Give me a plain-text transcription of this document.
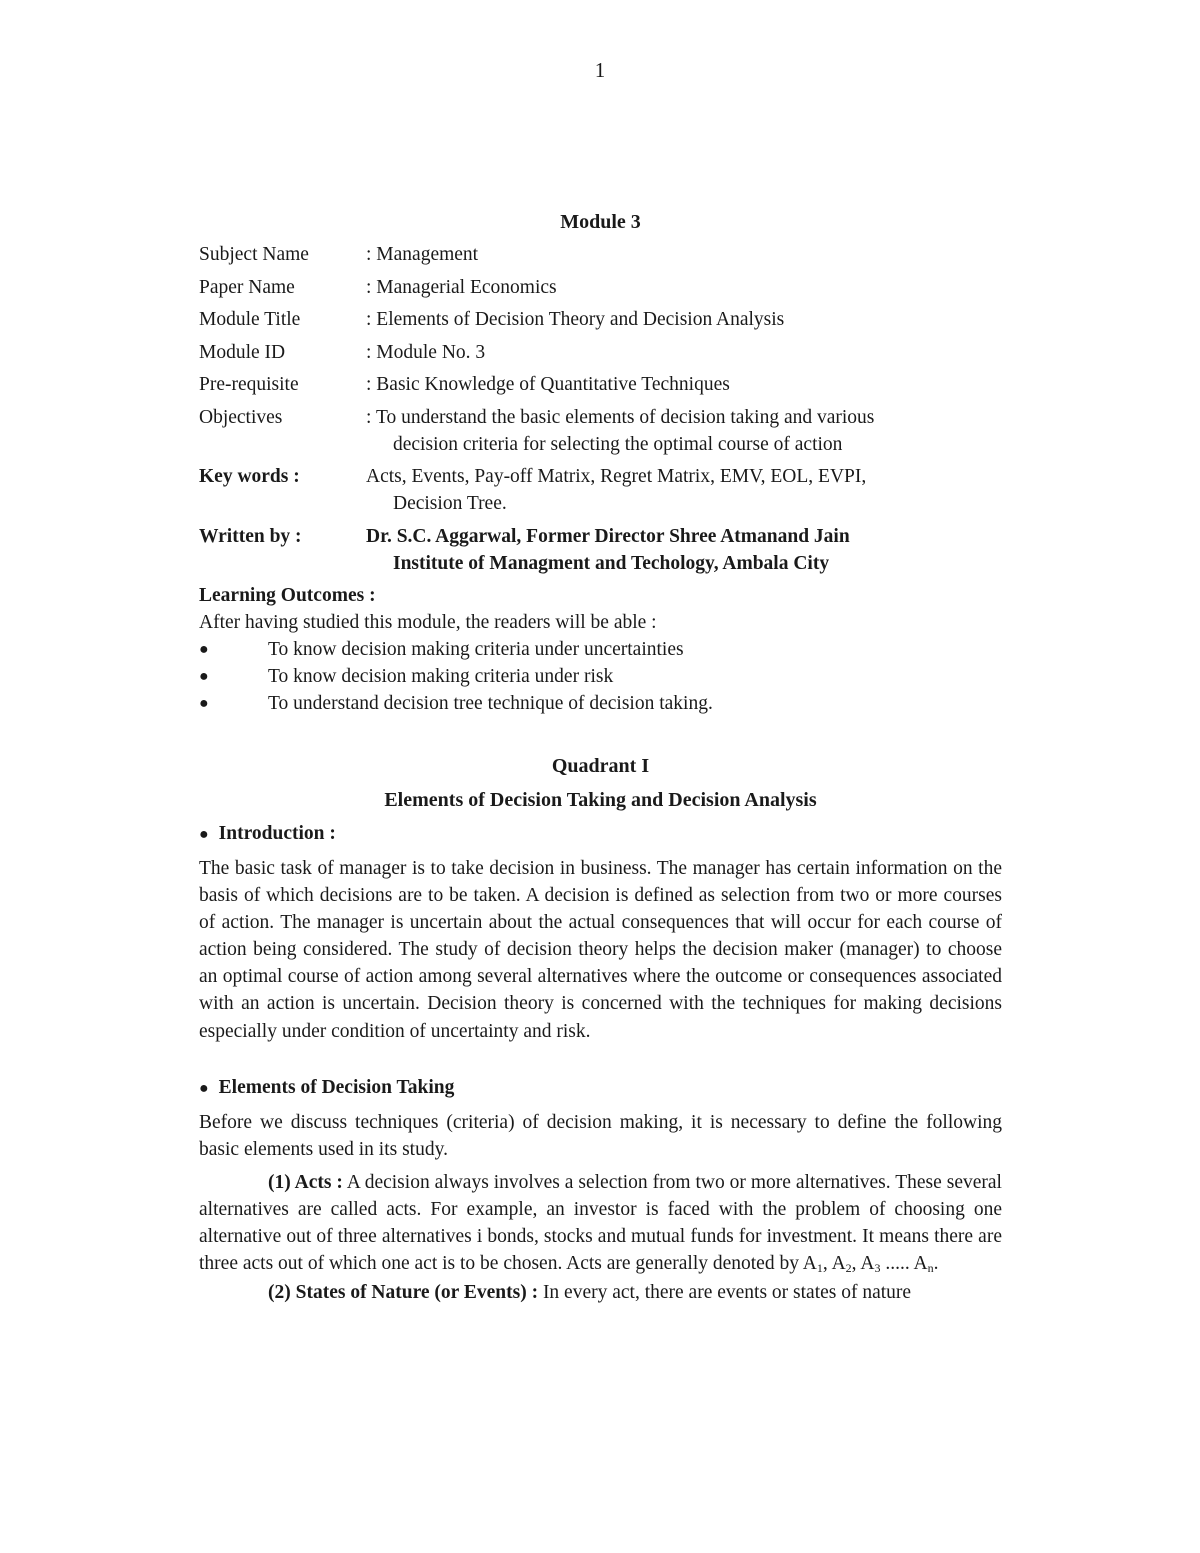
1
Module 3
Subject Name	: Management
Paper Name	: Managerial Economics
Module Title	: Elements of Decision Theory and Decision Analysis
Module ID	: Module No. 3
Pre-requisite	: Basic Knowledge of Quantitative Techniques
Objectives	: To understand the basic elements of decision taking and various
decision criteria for selecting the optimal course of action
Key words :	Acts, Events, Pay-off Matrix, Regret Matrix, EMV, EOL, EVPI,
Decision Tree.
Written by :	Dr. S.C. Aggarwal, Former Director Shree Atmanand Jain
Institute of Managment and Techology, Ambala City
Learning Outcomes :
After having studied this module, the readers will be able :
●	To know decision making criteria under uncertainties
●	To know decision making criteria under risk
●	To understand decision tree technique of decision taking.
Quadrant I
Elements of Decision Taking and Decision Analysis
● Introduction :

The basic task of manager is to take decision in business. The manager has certain information on the basis of which decisions are to be taken. A decision is defined as selection from two or more courses of action. The manager is uncertain about the actual consequences that will occur for each course of action being considered. The study of decision theory helps the decision maker (manager) to choose an optimal course of action among several alternatives where the outcome or consequences associated with an action is uncertain. Decision theory is concerned with the techniques for making decisions especially under condition of uncertainty and risk.

● Elements of Decision Taking

Before we discuss techniques (criteria) of decision making, it is necessary to define the following basic elements used in its study.

(1) Acts : A decision always involves a selection from two or more alternatives. These several alternatives are called acts. For example, an investor is faced with the problem of choosing one alternative out of three alternatives i bonds, stocks and mutual funds for investment. It means there are three acts out of which one act is to be chosen. Acts are generally denoted by $A_1$, $A_2$, $A_3$ ..... $A_n$.

(2) States of Nature (or Events) : In every act, there are events or states of nature
